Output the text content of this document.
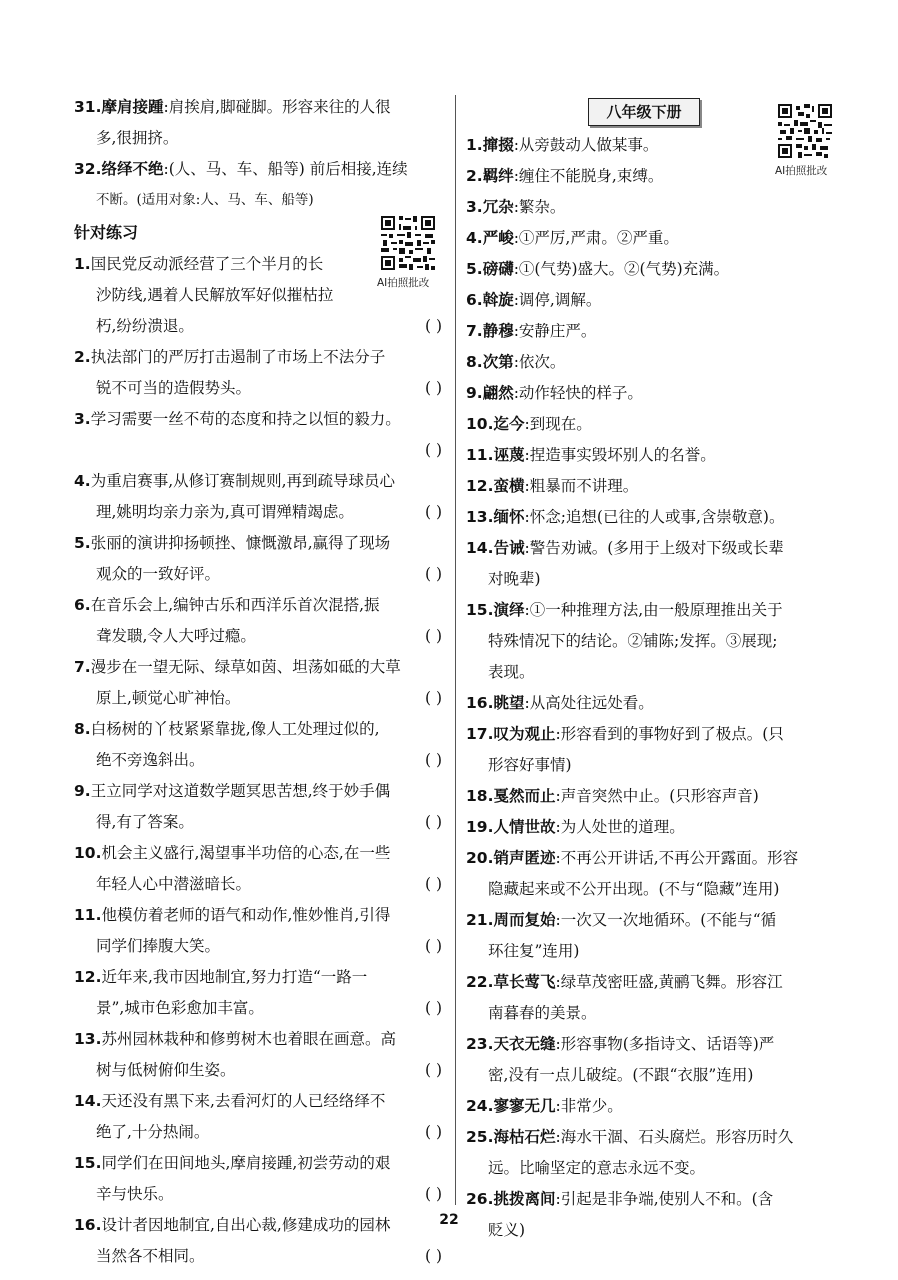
31.摩肩接踵:肩挨肩,脚碰脚。形容来往的人很
多,很拥挤。
32.络绎不绝:(人、马、车、船等) 前后相接,连续
不断。(适用对象:人、马、车、船等)
针对练习
1.国民党反动派经营了三个半月的长
沙防线,遇着人民解放军好似摧枯拉
朽,纷纷溃退。	( )
2.执法部门的严厉打击遏制了市场上不法分子
锐不可当的造假势头。	( )
3.学习需要一丝不苟的态度和持之以恒的毅力。
( )
4.为重启赛事,从修订赛制规则,再到疏导球员心
理,姚明均亲力亲为,真可谓殚精竭虑。	( )
5.张丽的演讲抑扬顿挫、慷慨激昂,赢得了现场
观众的一致好评。	( )
6.在音乐会上,编钟古乐和西洋乐首次混搭,振
聋发聩,令人大呼过瘾。	( )
7.漫步在一望无际、绿草如茵、坦荡如砥的大草
原上,顿觉心旷神怡。	( )
8.白杨树的丫枝紧紧靠拢,像人工处理过似的,
绝不旁逸斜出。	( )
9.王立同学对这道数学题冥思苦想,终于妙手偶
得,有了答案。	( )
10.机会主义盛行,渴望事半功倍的心态,在一些
年轻人心中潜滋暗长。	( )
11.他模仿着老师的语气和动作,惟妙惟肖,引得
同学们捧腹大笑。	( )
12.近年来,我市因地制宜,努力打造“一路一
景”,城市色彩愈加丰富。	( )
13.苏州园林栽种和修剪树木也着眼在画意。高
树与低树俯仰生姿。	( )
14.天还没有黑下来,去看河灯的人已经络绎不
绝了,十分热闹。	( )
15.同学们在田间地头,摩肩接踵,初尝劳动的艰
辛与快乐。	( )
16.设计者因地制宜,自出心裁,修建成功的园林
当然各不相同。	( )
AI拍照批改
八年级下册
AI拍照批改
1.撺掇:从旁鼓动人做某事。
2.羁绊:缠住不能脱身,束缚。
3.冗杂:繁杂。
4.严峻:①严厉,严肃。②严重。
5.磅礴:①(气势)盛大。②(气势)充满。
6.斡旋:调停,调解。
7.静穆:安静庄严。
8.次第:依次。
9.翩然:动作轻快的样子。
10.迄今:到现在。
11.诬蔑:捏造事实毁坏别人的名誉。
12.蛮横:粗暴而不讲理。
13.缅怀:怀念;追想(已往的人或事,含崇敬意)。
14.告诫:警告劝诫。(多用于上级对下级或长辈
对晚辈)
15.演绎:①一种推理方法,由一般原理推出关于
特殊情况下的结论。②铺陈;发挥。③展现;
表现。
16.眺望:从高处往远处看。
17.叹为观止:形容看到的事物好到了极点。(只
形容好事情)
18.戛然而止:声音突然中止。(只形容声音)
19.人情世故:为人处世的道理。
20.销声匿迹:不再公开讲话,不再公开露面。形容
隐藏起来或不公开出现。(不与“隐藏”连用)
21.周而复始:一次又一次地循环。(不能与“循
环往复”连用)
22.草长莺飞:绿草茂密旺盛,黄鹂飞舞。形容江
南暮春的美景。
23.天衣无缝:形容事物(多指诗文、话语等)严
密,没有一点儿破绽。(不跟“衣服”连用)
24.寥寥无几:非常少。
25.海枯石烂:海水干涸、石头腐烂。形容历时久
远。比喻坚定的意志永远不变。
26.挑拨离间:引起是非争端,使别人不和。(含
贬义)
22
